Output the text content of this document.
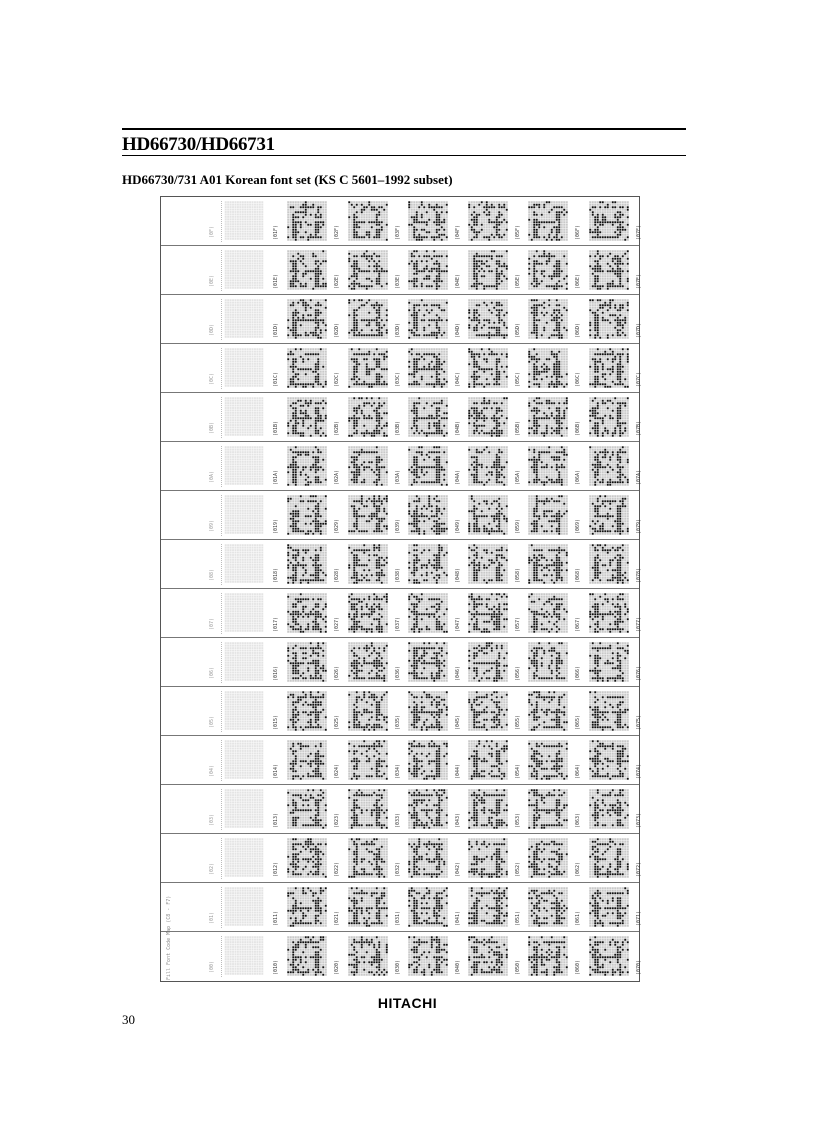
HD66730/HD66731
HD66730/731 A01 Korean font set (KS C 5601–1992 subset)
(0F)	(01F)	(02F)	(03F)	(04F)	(05F)	(06F)	(07F)
(0E)	(01E)	(02E)	(03E)	(04E)	(05E)	(06E)	(07E)
(0D)	(01D)	(02D)	(03D)	(04D)	(05D)	(06D)	(07D)
(0C)	(01C)	(02C)	(03C)	(04C)	(05C)	(06C)	(07C)
(0B)	(01B)	(02B)	(03B)	(04B)	(05B)	(06B)	(07B)
(0A)	(01A)	(02A)	(03A)	(04A)	(05A)	(06A)	(07A)
(09)	(019)	(029)	(039)	(049)	(059)	(069)	(079)
(08)	(018)	(028)	(038)	(048)	(058)	(068)	(078)
(07)	(017)	(027)	(037)	(047)	(057)	(067)	(077)
(06)	(016)	(026)	(036)	(046)	(056)	(066)	(076)
(05)	(015)	(025)	(035)	(045)	(055)	(065)	(075)
(04)	(014)	(024)	(034)	(044)	(054)	(064)	(074)
(03)	(013)	(023)	(033)	(043)	(053)	(063)	(073)
(02)	(012)	(022)	(032)	(042)	(052)	(062)	(072)
(01)	(011)	(021)	(031)	(041)	(051)	(061)	(071)
(00)	(010)	(020)	(030)	(040)	(050)	(060)	(070)
Fill Font Code Map (C8 - F7)
HITACHI
30
